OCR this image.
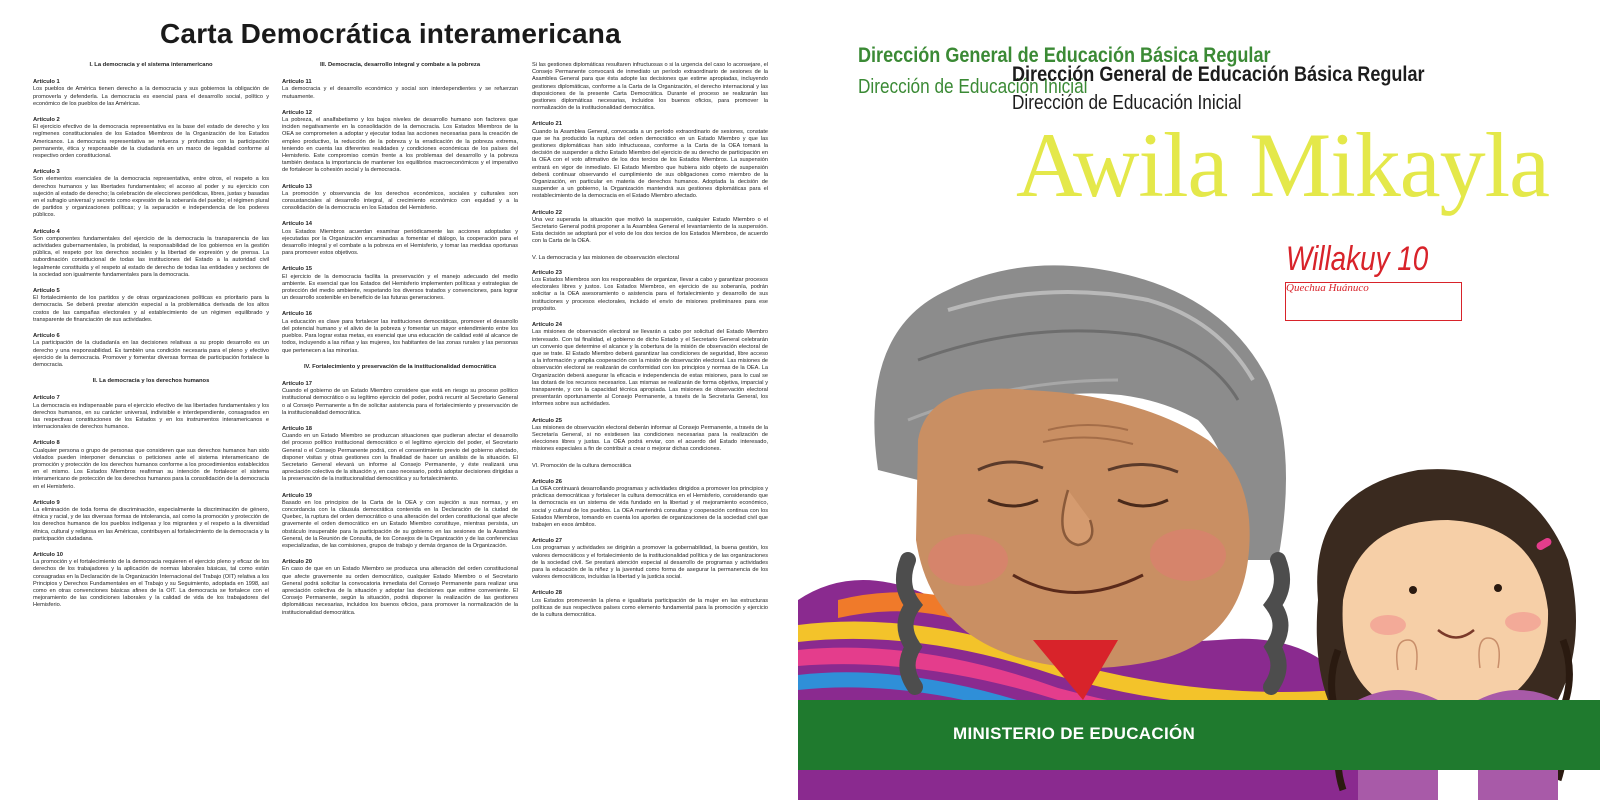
Carta Democrática interamericana
I. La democracia y el sistema interamericano
Artículo 1

Los pueblos de América tienen derecho a la democracia y sus gobiernos la obligación de promoverla y defenderla. La democracia es esencial para el desarrollo social, político y económico de los pueblos de las Américas.

Artículo 2

El ejercicio efectivo de la democracia representativa es la base del estado de derecho y los regímenes constitucionales de los Estados Miembros de la Organización de los Estados Americanos. La democracia representativa se refuerza y profundiza con la participación permanente, ética y responsable de la ciudadanía en un marco de legalidad conforme al respectivo orden constitucional.

Artículo 3

Son elementos esenciales de la democracia representativa, entre otros, el respeto a los derechos humanos y las libertades fundamentales; el acceso al poder y su ejercicio con sujeción al estado de derecho; la celebración de elecciones periódicas, libres, justas y basadas en el sufragio universal y secreto como expresión de la soberanía del pueblo; el régimen plural de partidos y organizaciones políticas; y la separación e independencia de los poderes públicos.

Artículo 4

Son componentes fundamentales del ejercicio de la democracia la transparencia de las actividades gubernamentales, la probidad, la responsabilidad de los gobiernos en la gestión pública, el respeto por los derechos sociales y la libertad de expresión y de prensa. La subordinación constitucional de todas las instituciones del Estado a la autoridad civil legalmente constituida y el respeto al estado de derecho de todas las entidades y sectores de la sociedad son igualmente fundamentales para la democracia.

Artículo 5

El fortalecimiento de los partidos y de otras organizaciones políticas es prioritario para la democracia. Se deberá prestar atención especial a la problemática derivada de los altos costos de las campañas electorales y al establecimiento de un régimen equilibrado y transparente de financiación de sus actividades.

Artículo 6

La participación de la ciudadanía en las decisiones relativas a su propio desarrollo es un derecho y una responsabilidad. Es también una condición necesaria para el pleno y efectivo ejercicio de la democracia. Promover y fomentar diversas formas de participación fortalece la democracia.

II. La democracia y los derechos humanos
Artículo 7

La democracia es indispensable para el ejercicio efectivo de las libertades fundamentales y los derechos humanos, en su carácter universal, indivisible e interdependiente, consagrados en las respectivas constituciones de los Estados y en los instrumentos interamericanos e internacionales de derechos humanos.

Artículo 8

Cualquier persona o grupo de personas que consideren que sus derechos humanos han sido violados pueden interponer denuncias o peticiones ante el sistema interamericano de promoción y protección de los derechos humanos conforme a los procedimientos establecidos en el mismo. Los Estados Miembros reafirman su intención de fortalecer el sistema interamericano de protección de los derechos humanos para la consolidación de la democracia en el Hemisferio.

Artículo 9

La eliminación de toda forma de discriminación, especialmente la discriminación de género, étnica y racial, y de las diversas formas de intolerancia, así como la promoción y protección de los derechos humanos de los pueblos indígenas y los migrantes y el respeto a la diversidad étnica, cultural y religiosa en las Américas, contribuyen al fortalecimiento de la democracia y la participación ciudadana.

Artículo 10

La promoción y el fortalecimiento de la democracia requieren el ejercicio pleno y eficaz de los derechos de los trabajadores y la aplicación de normas laborales básicas, tal como están consagradas en la Declaración de la Organización Internacional del Trabajo (OIT) relativa a los Principios y Derechos Fundamentales en el Trabajo y su Seguimiento, adoptada en 1998, así como en otras convenciones básicas afines de la OIT. La democracia se fortalece con el mejoramiento de las condiciones laborales y la calidad de vida de los trabajadores del Hemisferio.

III. Democracia, desarrollo integral y combate a la pobreza
Artículo 11

La democracia y el desarrollo económico y social son interdependientes y se refuerzan mutuamente.

Artículo 12

La pobreza, el analfabetismo y los bajos niveles de desarrollo humano son factores que inciden negativamente en la consolidación de la democracia. Los Estados Miembros de la OEA se comprometen a adoptar y ejecutar todas las acciones necesarias para la creación de empleo productivo, la reducción de la pobreza y la erradicación de la pobreza extrema, teniendo en cuenta las diferentes realidades y condiciones económicas de los países del Hemisferio. Este compromiso común frente a los problemas del desarrollo y la pobreza también destaca la importancia de mantener los equilibrios macroeconómicos y el imperativo de fortalecer la cohesión social y la democracia.

Artículo 13

La promoción y observancia de los derechos económicos, sociales y culturales son consustanciales al desarrollo integral, al crecimiento económico con equidad y a la consolidación de la democracia en los Estados del Hemisferio.

Artículo 14

Los Estados Miembros acuerdan examinar periódicamente las acciones adoptadas y ejecutadas por la Organización encaminadas a fomentar el diálogo, la cooperación para el desarrollo integral y el combate a la pobreza en el Hemisferio, y tomar las medidas oportunas para promover estos objetivos.

Artículo 15

El ejercicio de la democracia facilita la preservación y el manejo adecuado del medio ambiente. Es esencial que los Estados del Hemisferio implementen políticas y estrategias de protección del medio ambiente, respetando los diversos tratados y convenciones, para lograr un desarrollo sostenible en beneficio de las futuras generaciones.

Artículo 16

La educación es clave para fortalecer las instituciones democráticas, promover el desarrollo del potencial humano y el alivio de la pobreza y fomentar un mayor entendimiento entre los pueblos. Para lograr estas metas, es esencial que una educación de calidad esté al alcance de todos, incluyendo a las niñas y las mujeres, los habitantes de las zonas rurales y las personas que pertenecen a las minorías.

IV. Fortalecimiento y preservación de la institucionalidad democrática
Artículo 17

Cuando el gobierno de un Estado Miembro considere que está en riesgo su proceso político institucional democrático o su legítimo ejercicio del poder, podrá recurrir al Secretario General o al Consejo Permanente a fin de solicitar asistencia para el fortalecimiento y preservación de la institucionalidad democrática.

Artículo 18

Cuando en un Estado Miembro se produzcan situaciones que pudieran afectar el desarrollo del proceso político institucional democrático o el legítimo ejercicio del poder, el Secretario General o el Consejo Permanente podrá, con el consentimiento previo del gobierno afectado, disponer visitas y otras gestiones con la finalidad de hacer un análisis de la situación. El Secretario General elevará un informe al Consejo Permanente, y éste realizará una apreciación colectiva de la situación y, en caso necesario, podrá adoptar decisiones dirigidas a la preservación de la institucionalidad democrática y su fortalecimiento.

Artículo 19

Basado en los principios de la Carta de la OEA y con sujeción a sus normas, y en concordancia con la cláusula democrática contenida en la Declaración de la ciudad de Quebec, la ruptura del orden democrático o una alteración del orden constitucional que afecte gravemente el orden democrático en un Estado Miembro constituye, mientras persista, un obstáculo insuperable para la participación de su gobierno en las sesiones de la Asamblea General, de la Reunión de Consulta, de los Consejos de la Organización y de las conferencias especializadas, de las comisiones, grupos de trabajo y demás órganos de la Organización.

Artículo 20

En caso de que en un Estado Miembro se produzca una alteración del orden constitucional que afecte gravemente su orden democrático, cualquier Estado Miembro o el Secretario General podrá solicitar la convocatoria inmediata del Consejo Permanente para realizar una apreciación colectiva de la situación y adoptar las decisiones que estime conveniente. El Consejo Permanente, según la situación, podrá disponer la realización de las gestiones diplomáticas necesarias, incluidos los buenos oficios, para promover la normalización de la institucionalidad democrática.

Si las gestiones diplomáticas resultaren infructuosas o si la urgencia del caso lo aconsejare, el Consejo Permanente convocará de inmediato un período extraordinario de sesiones de la Asamblea General para que ésta adopte las decisiones que estime apropiadas, incluyendo gestiones diplomáticas, conforme a la Carta de la Organización, el derecho internacional y las disposiciones de la presente Carta Democrática. Durante el proceso se realizarán las gestiones diplomáticas necesarias, incluidos los buenos oficios, para promover la normalización de la institucionalidad democrática.

Artículo 21

Cuando la Asamblea General, convocada a un período extraordinario de sesiones, constate que se ha producido la ruptura del orden democrático en un Estado Miembro y que las gestiones diplomáticas han sido infructuosas, conforme a la Carta de la OEA tomará la decisión de suspender a dicho Estado Miembro del ejercicio de su derecho de participación en la OEA con el voto afirmativo de los dos tercios de los Estados Miembros. La suspensión entrará en vigor de inmediato. El Estado Miembro que hubiera sido objeto de suspensión deberá continuar observando el cumplimiento de sus obligaciones como miembro de la Organización, en particular en materia de derechos humanos. Adoptada la decisión de suspender a un gobierno, la Organización mantendrá sus gestiones diplomáticas para el restablecimiento de la democracia en el Estado Miembro afectado.

Artículo 22

Una vez superada la situación que motivó la suspensión, cualquier Estado Miembro o el Secretario General podrá proponer a la Asamblea General el levantamiento de la suspensión. Esta decisión se adoptará por el voto de los dos tercios de los Estados Miembros, de acuerdo con la Carta de la OEA.

V. La democracia y las misiones de observación electoral
Artículo 23

Los Estados Miembros son los responsables de organizar, llevar a cabo y garantizar procesos electorales libres y justos. Los Estados Miembros, en ejercicio de su soberanía, podrán solicitar a la OEA asesoramiento o asistencia para el fortalecimiento y desarrollo de sus instituciones y procesos electorales, incluido el envío de misiones preliminares para ese propósito.

Artículo 24

Las misiones de observación electoral se llevarán a cabo por solicitud del Estado Miembro interesado. Con tal finalidad, el gobierno de dicho Estado y el Secretario General celebrarán un convenio que determine el alcance y la cobertura de la misión de observación electoral de que se trate. El Estado Miembro deberá garantizar las condiciones de seguridad, libre acceso a la información y amplia cooperación con la misión de observación electoral. Las misiones de observación electoral se realizarán de conformidad con los principios y normas de la OEA. La Organización deberá asegurar la eficacia e independencia de estas misiones, para lo cual se las dotará de los recursos necesarios. Las mismas se realizarán de forma objetiva, imparcial y transparente, y con la capacidad técnica apropiada. Las misiones de observación electoral presentarán oportunamente al Consejo Permanente, a través de la Secretaría General, los informes sobre sus actividades.

Artículo 25

Las misiones de observación electoral deberán informar al Consejo Permanente, a través de la Secretaría General, si no existiesen las condiciones necesarias para la realización de elecciones libres y justas. La OEA podrá enviar, con el acuerdo del Estado interesado, misiones especiales a fin de contribuir a crear o mejorar dichas condiciones.

VI. Promoción de la cultura democrática
Artículo 26

La OEA continuará desarrollando programas y actividades dirigidos a promover los principios y prácticas democráticas y fortalecer la cultura democrática en el Hemisferio, considerando que la democracia es un sistema de vida fundado en la libertad y el mejoramiento económico, social y cultural de los pueblos. La OEA mantendrá consultas y cooperación continua con los Estados Miembros, tomando en cuenta los aportes de organizaciones de la sociedad civil que trabajen en esos ámbitos.

Artículo 27

Los programas y actividades se dirigirán a promover la gobernabilidad, la buena gestión, los valores democráticos y el fortalecimiento de la institucionalidad política y de las organizaciones de la sociedad civil. Se prestará atención especial al desarrollo de programas y actividades para la educación de la niñez y la juventud como forma de asegurar la permanencia de los valores democráticos, incluidas la libertad y la justicia social.

Artículo 28

Los Estados promoverán la plena e igualitaria participación de la mujer en las estructuras políticas de sus respectivos países como elemento fundamental para la promoción y ejercicio de la cultura democrática.

Dirección General de Educación Básica Regular
Dirección de Educación Inicial
Dirección General de Educación Básica Regular
Dirección de Educación Inicial
Awila Mikayla
Willakuy 10
Quechua Huánuco
MINISTERIO DE EDUCACIÓN
